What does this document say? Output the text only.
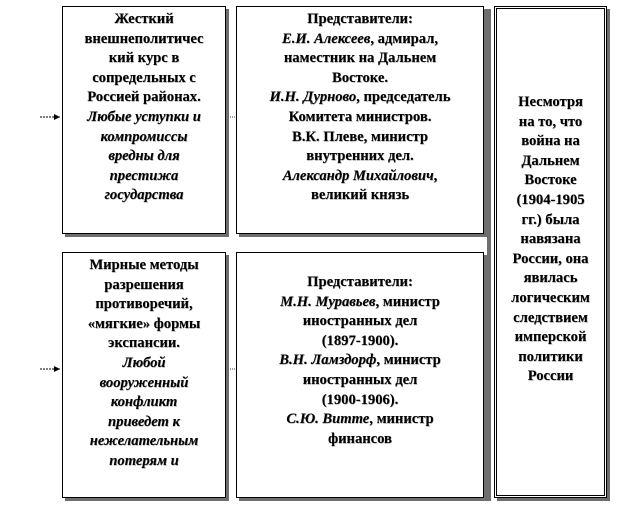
Жесткий
внешнеполитичес
кий курс в
сопредельных с
Россией районах.
Любые уступки и
компромиссы
вредны для
престижа
государства
Представители:
Е.И. Алексеев, адмирал,
наместник на Дальнем
Востоке.
И.Н. Дурново, председатель
Комитета министров.
В.К. Плеве, министр
внутренних дел.
Александр Михайлович,
великий князь
Мирные методы
разрешения
противоречий,
«мягкие» формы
экспансии.
Любой
вооруженный
конфликт
приведет к
нежелательным
потерям и
Представители:
М.Н. Муравьев, министр
иностранных дел
(1897-1900).
В.Н. Ламздорф, министр
иностранных дел
(1900-1906).
С.Ю. Витте, министр
финансов
Несмотря
на то, что
война на
Дальнем
Востоке
(1904-1905
гг.) была
навязана
России, она
явилась
логическим
следствием
имперской
политики
России
